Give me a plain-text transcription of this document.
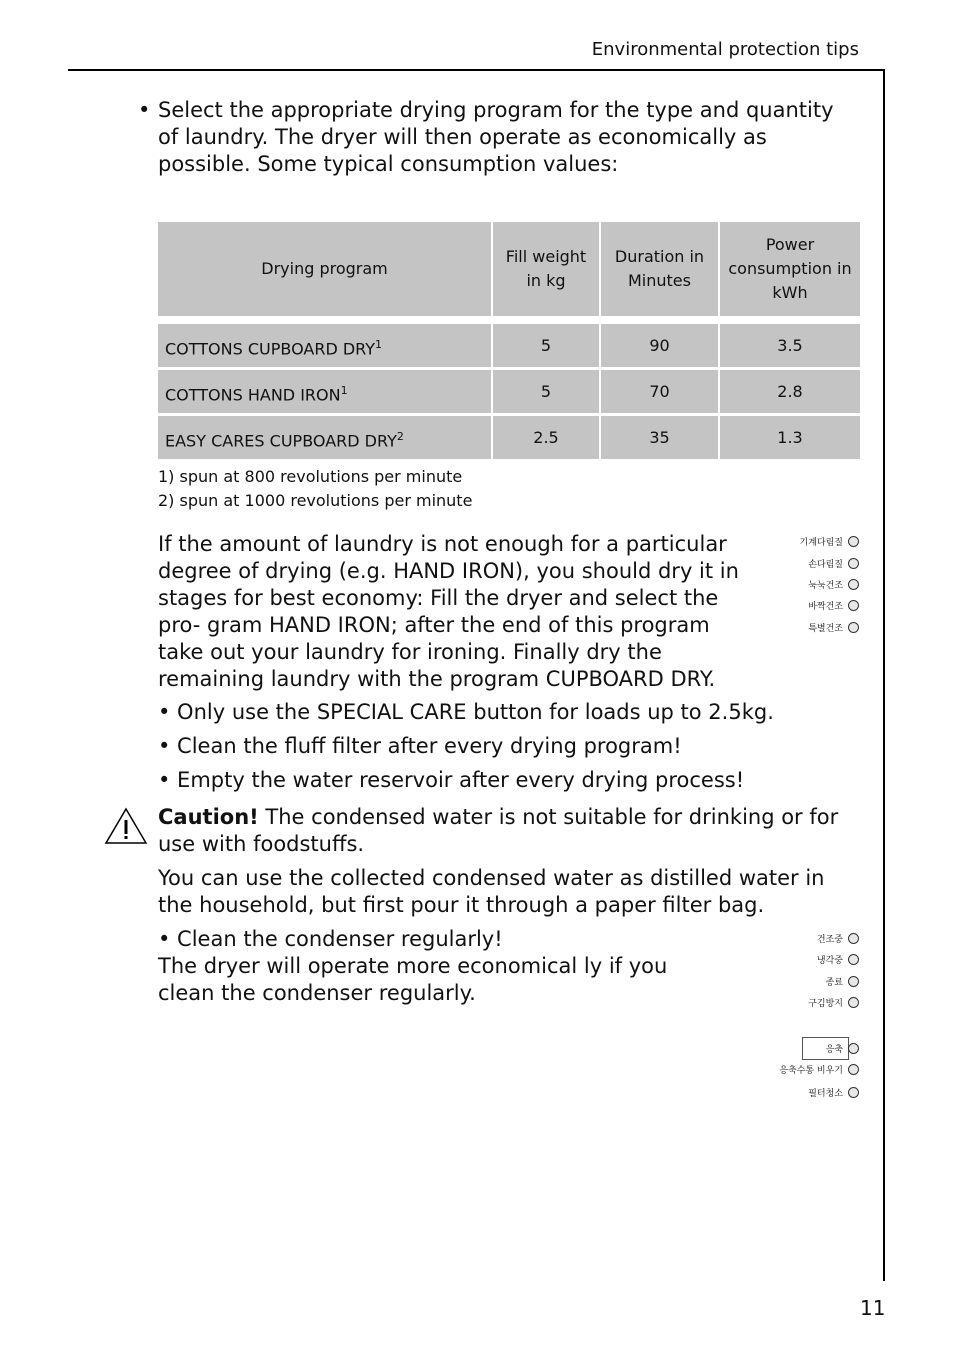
Environmental protection tips
• Select the appropriate drying program for the type and quantity of laundry. The dryer will then operate as economically as possible. Some typical consumption values:

Drying program	Fill weight in kg	Duration in Minutes	Power consumption in kWh

COTTONS CUPBOARD DRY$^1$	5	90	3.5
COTTONS HAND IRON$^1$	5	70	2.8
EASY CARES CUPBOARD DRY$^2$	2.5	35	1.3
1) spun at 800 revolutions per minute
2) spun at 1000 revolutions per minute

If the amount of laundry is not enough for a particular degree of drying (e.g. HAND IRON), you should dry it in stages for best economy: Fill the dryer and select the pro- gram HAND IRON; after the end of this program take out your laundry for ironing. Finally dry the remaining laundry with the program CUPBOARD DRY.

• Only use the SPECIAL CARE button for loads up to 2.5kg.
• Clean the fluff filter after every drying program!
• Empty the water reservoir after every drying process!

Caution! The condensed water is not suitable for drinking or for use with foodstuffs.

You can use the collected condensed water as distilled water in the household, but first pour it through a paper filter bag.

• Clean the condenser regularly!

The dryer will operate more economical ly if you clean the condenser regularly.

기계다림질
손다림질
눅눅건조
바짝건조
특별건조
건조중
냉각중
종료
구김방지
응축
응축수통 비우기
필터청소
11
